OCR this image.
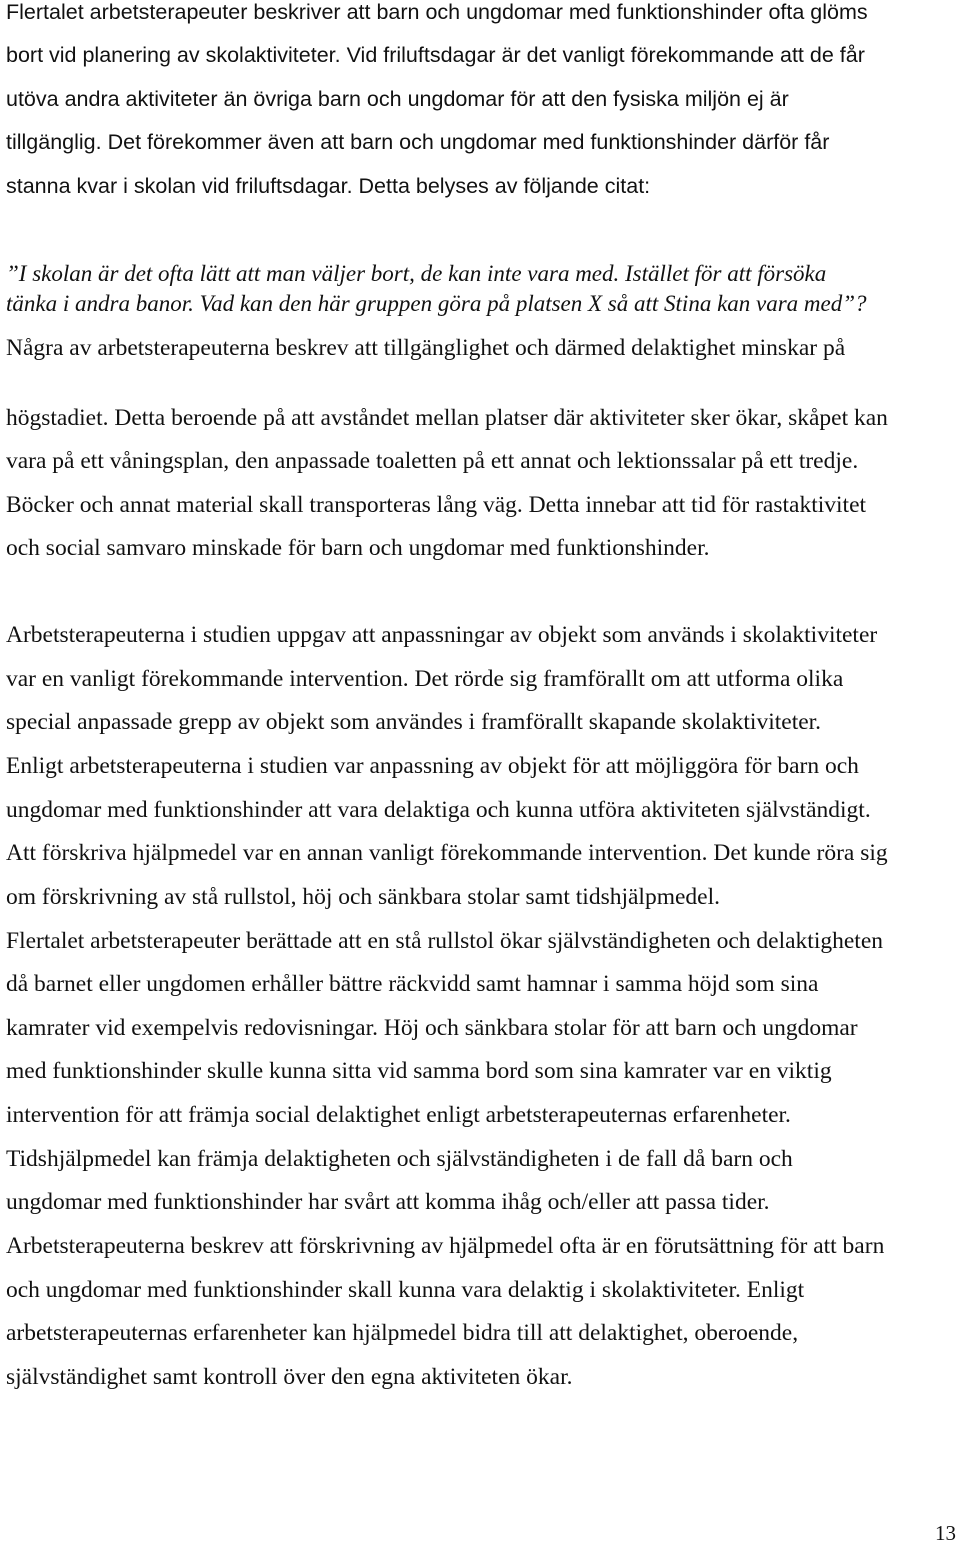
Flertalet arbetsterapeuter beskriver att barn och ungdomar med funktionshinder ofta glöms

bort vid planering av skolaktiviteter. Vid friluftsdagar är det vanligt förekommande att de får

utöva andra aktiviteter än övriga barn och ungdomar för att den fysiska miljön ej är

tillgänglig. Det förekommer även att barn och ungdomar med funktionshinder därför får

stanna kvar i skolan vid friluftsdagar. Detta belyses av följande citat:

”I skolan är det ofta lätt att man väljer bort, de kan inte vara med. Istället för att försöka

tänka i andra banor. Vad kan den här gruppen göra på platsen X så att Stina kan vara med”?

Några av arbetsterapeuterna beskrev att tillgänglighet och därmed delaktighet minskar på

högstadiet. Detta beroende på att avståndet mellan platser där aktiviteter sker ökar, skåpet kan

vara på ett våningsplan, den anpassade toaletten på ett annat och lektionssalar på ett tredje.

Böcker och annat material skall transporteras lång väg. Detta innebar att tid för rastaktivitet

och social samvaro minskade för barn och ungdomar med funktionshinder.

Arbetsterapeuterna i studien uppgav att anpassningar av objekt som används i skolaktiviteter

var en vanligt förekommande intervention. Det rörde sig framförallt om att utforma olika

special anpassade grepp av objekt som användes i framförallt skapande skolaktiviteter.

Enligt arbetsterapeuterna i studien var anpassning av objekt för att möjliggöra för barn och

ungdomar med funktionshinder att vara delaktiga och kunna utföra aktiviteten självständigt.

Att förskriva hjälpmedel var en annan vanligt förekommande intervention. Det kunde röra sig

om förskrivning av stå rullstol, höj och sänkbara stolar samt tidshjälpmedel.

Flertalet arbetsterapeuter berättade att en stå rullstol ökar självständigheten och delaktigheten

då barnet eller ungdomen erhåller bättre räckvidd samt hamnar i samma höjd som sina

kamrater vid exempelvis redovisningar. Höj och sänkbara stolar för att barn och ungdomar

med funktionshinder skulle kunna sitta vid samma bord som sina kamrater var en viktig

intervention för att främja social delaktighet enligt arbetsterapeuternas erfarenheter.

Tidshjälpmedel kan främja delaktigheten och självständigheten i de fall då barn och

ungdomar med funktionshinder har svårt att komma ihåg och/eller att passa tider.

Arbetsterapeuterna beskrev att förskrivning av hjälpmedel ofta är en förutsättning för att barn

och ungdomar med funktionshinder skall kunna vara delaktig i skolaktiviteter. Enligt

arbetsterapeuternas erfarenheter kan hjälpmedel bidra till att delaktighet, oberoende,

självständighet samt kontroll över den egna aktiviteten ökar.

13
